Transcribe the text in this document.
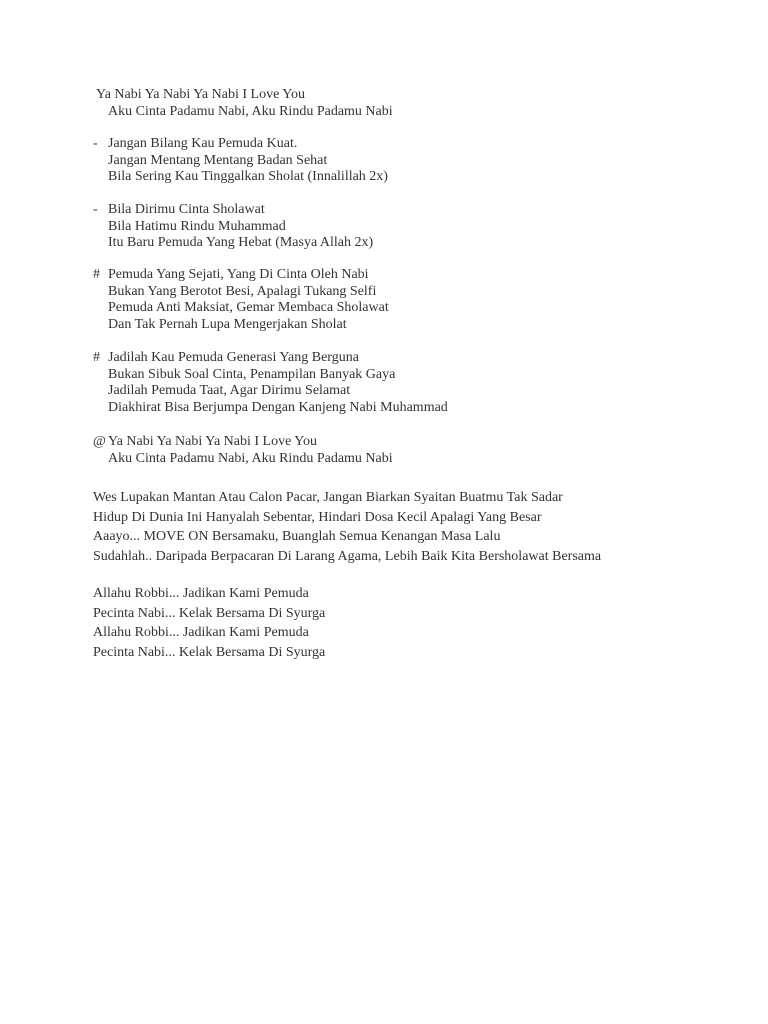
Ya Nabi Ya Nabi Ya Nabi I Love You
Aku Cinta Padamu Nabi, Aku Rindu Padamu Nabi
- Jangan Bilang Kau Pemuda Kuat.
Jangan Mentang Mentang Badan Sehat
Bila Sering Kau Tinggalkan Sholat (Innalillah 2x)
- Bila Dirimu Cinta Sholawat
Bila Hatimu Rindu Muhammad
Itu Baru Pemuda Yang Hebat (Masya Allah 2x)
# Pemuda Yang Sejati, Yang Di Cinta Oleh Nabi
Bukan Yang Berotot Besi, Apalagi Tukang Selfi
Pemuda Anti Maksiat, Gemar Membaca Sholawat
Dan Tak Pernah Lupa Mengerjakan Sholat
# Jadilah Kau Pemuda Generasi Yang Berguna
Bukan Sibuk Soal Cinta, Penampilan Banyak Gaya
Jadilah Pemuda Taat, Agar Dirimu Selamat
Diakhirat Bisa Berjumpa Dengan Kanjeng Nabi Muhammad
@ Ya Nabi Ya Nabi Ya Nabi I Love You
Aku Cinta Padamu Nabi, Aku Rindu Padamu Nabi
Wes Lupakan Mantan Atau Calon Pacar, Jangan Biarkan Syaitan Buatmu Tak Sadar
Hidup Di Dunia Ini Hanyalah Sebentar, Hindari Dosa Kecil Apalagi Yang Besar
Aaayo... MOVE ON Bersamaku, Buanglah Semua Kenangan Masa Lalu
Sudahlah.. Daripada Berpacaran Di Larang Agama, Lebih Baik Kita Bersholawat Bersama
Allahu Robbi... Jadikan Kami Pemuda
Pecinta Nabi... Kelak Bersama Di Syurga
Allahu Robbi... Jadikan Kami Pemuda
Pecinta Nabi... Kelak Bersama Di Syurga
